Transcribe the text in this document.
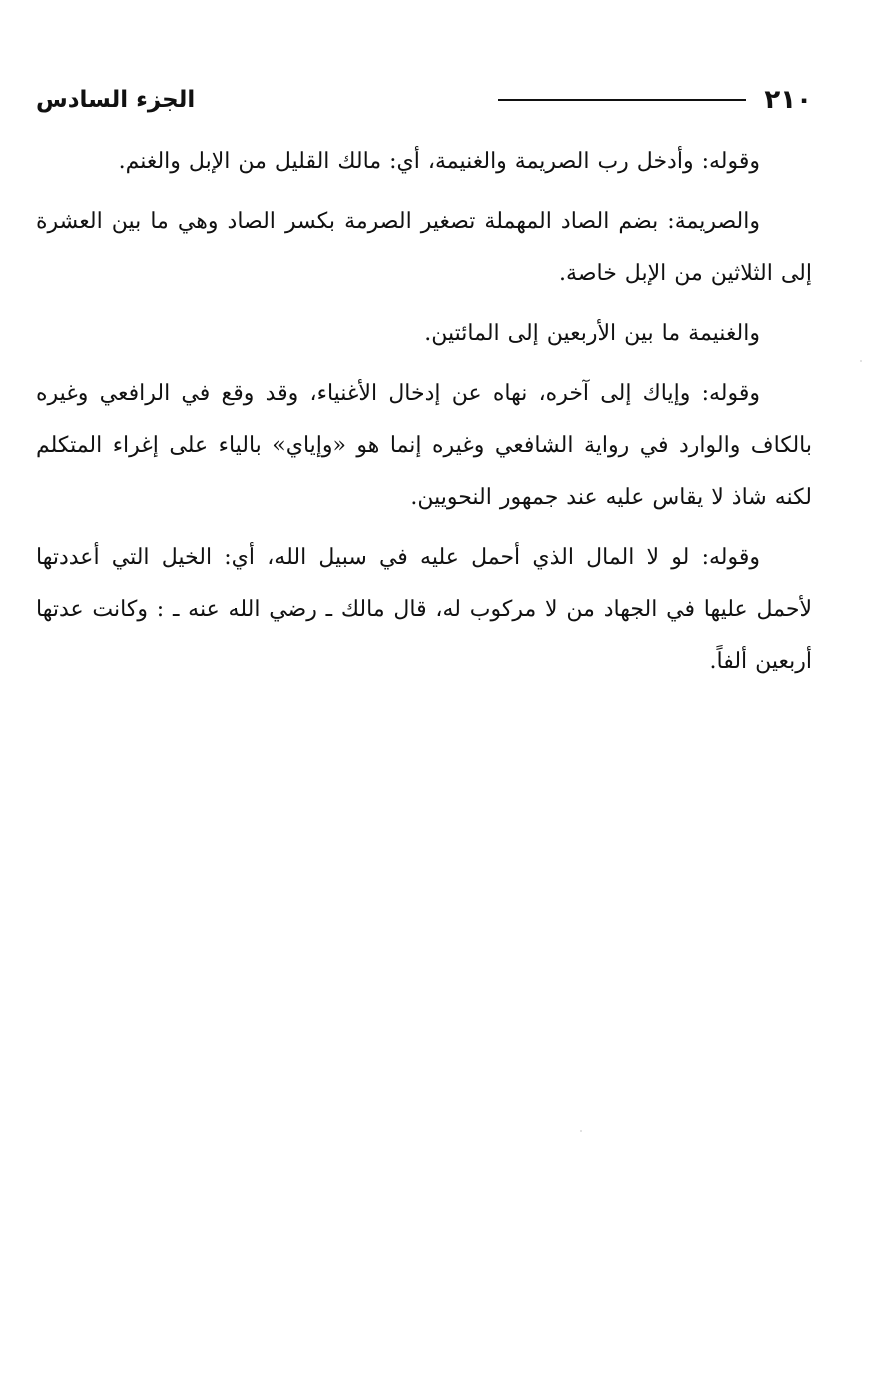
٢١٠
الجزء السادس

وقوله: وأدخل رب الصريمة والغنيمة، أي: مالك القليل من الإبل والغنم.

والصريمة: بضم الصاد المهملة تصغير الصرمة بكسر الصاد وهي ما بين العشرة إلى الثلاثين من الإبل خاصة.

والغنيمة ما بين الأربعين إلى المائتين.

وقوله: وإياك إلى آخره، نهاه عن إدخال الأغنياء، وقد وقع في الرافعي وغيره بالكاف والوارد في رواية الشافعي وغيره إنما هو «وإياي» بالياء على إغراء المتكلم لكنه شاذ لا يقاس عليه عند جمهور النحويين.

وقوله: لو لا المال الذي أحمل عليه في سبيل الله، أي: الخيل التي أعددتها لأحمل عليها في الجهاد من لا مركوب له، قال مالك ـ رضي الله عنه ـ : وكانت عدتها أربعين ألفاً.
